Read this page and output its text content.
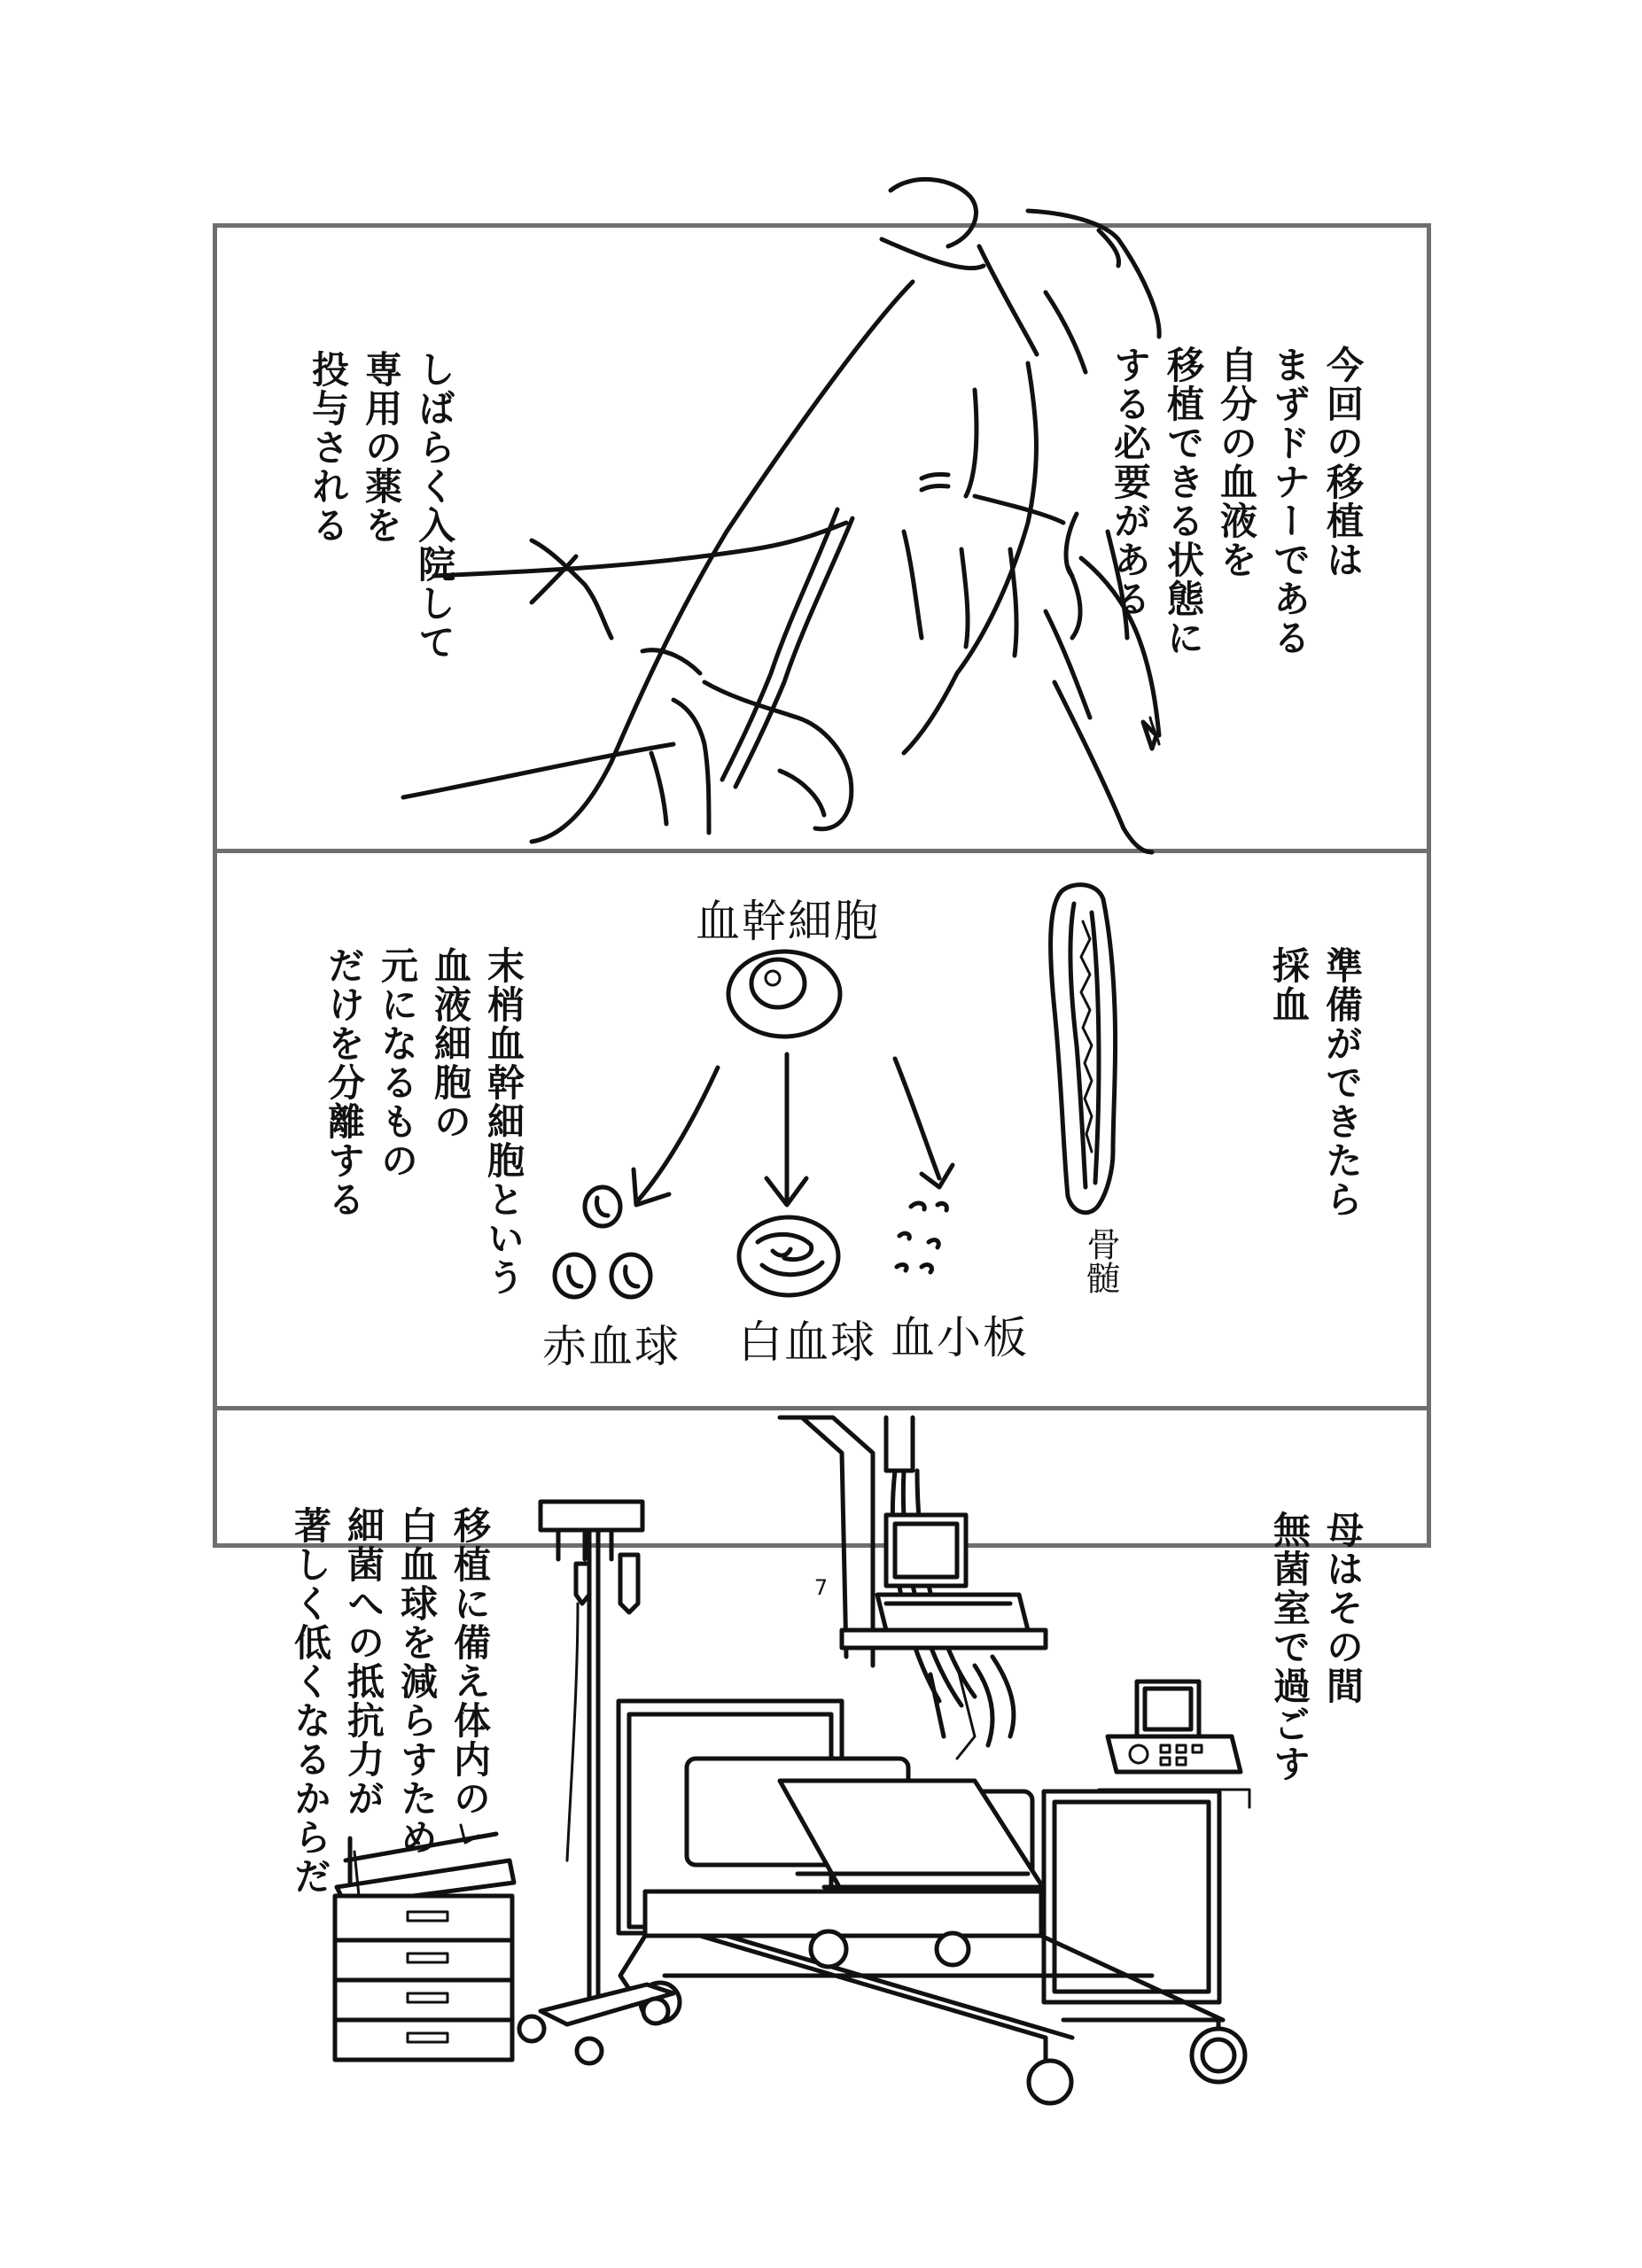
今回の移植は
まずドナーである
自分の血液を
移植できる状態に
する必要がある
しばらく入院して
専用の薬を
投与される
血幹細胞
骨髄
赤血球 白血球 血小板
準備ができたら
採血
末梢血幹細胞という
血液細胞の
元になるもの
だけを分離する
母はその間
無菌室で過ごす
移植に備え体内の
白血球を減らすため
細菌への抵抗力が
著しく低くなるからだ	7
